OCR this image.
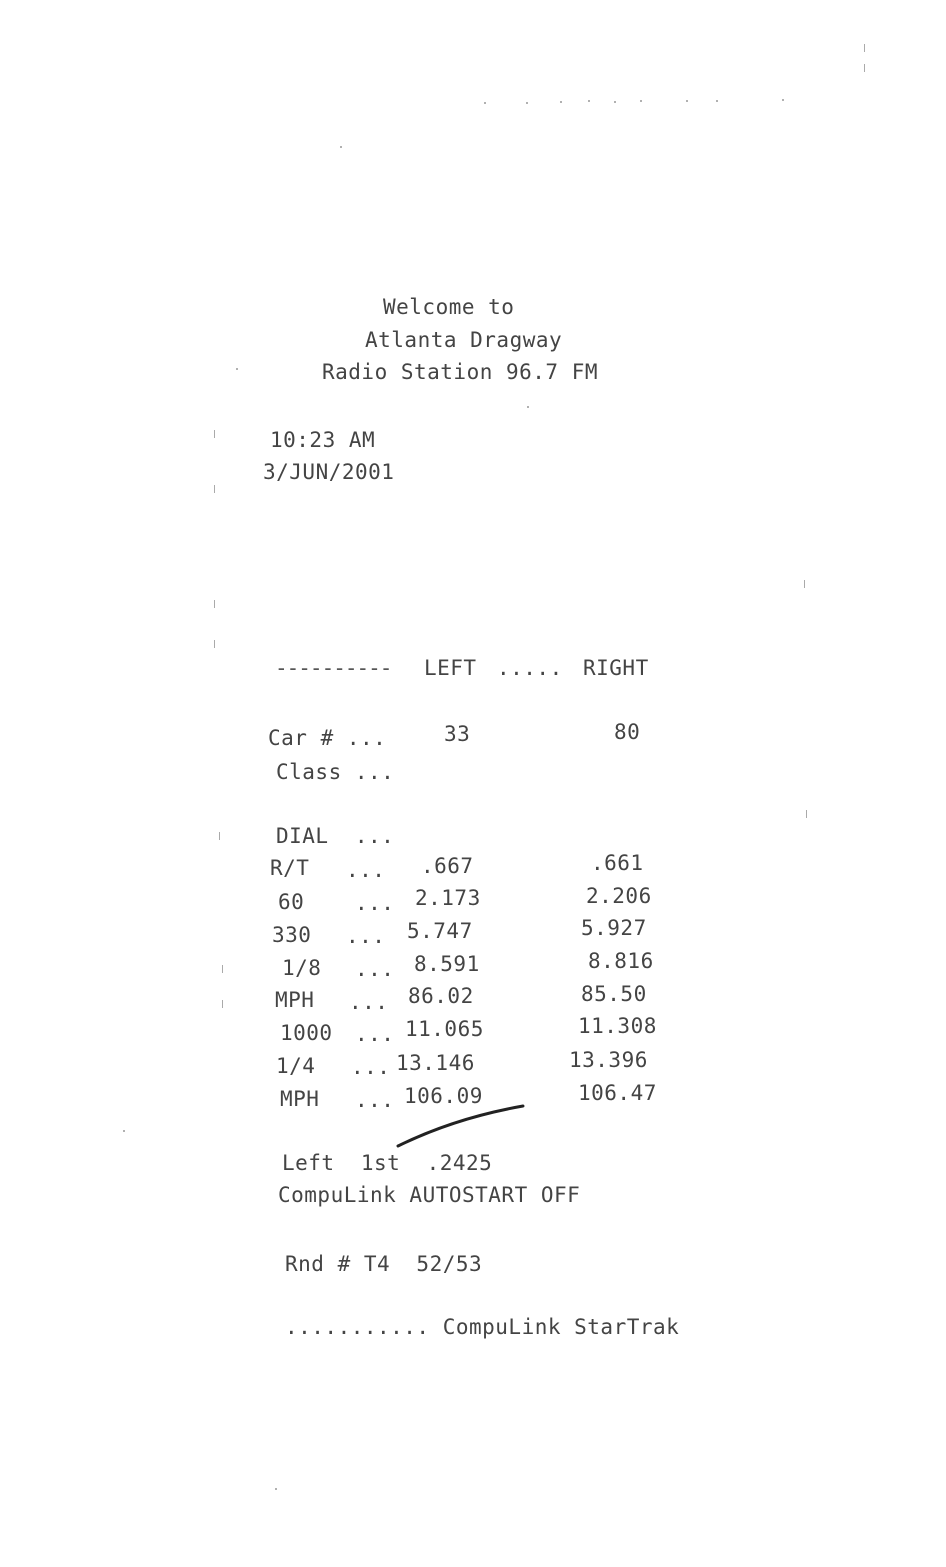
Welcome to
Atlanta Dragway
Radio Station 96.7 FM
10:23 AM
3/JUN/2001
---------- LEFT ..... RIGHT
Car # ...	33	80
Class ...
DIAL  ...
R/T ... .667	.661
60 ... 2.173	2.206
330 ... 5.747	5.927
1/8 ... 8.591	8.816
MPH ... 86.02	85.50
1000 ... 11.065	11.308
1/4 ... 13.146	13.396
MPH ... 106.09	106.47
Left  1st  .2425
CompuLink AUTOSTART OFF
Rnd # T4  52/53
........... CompuLink StarTrak
